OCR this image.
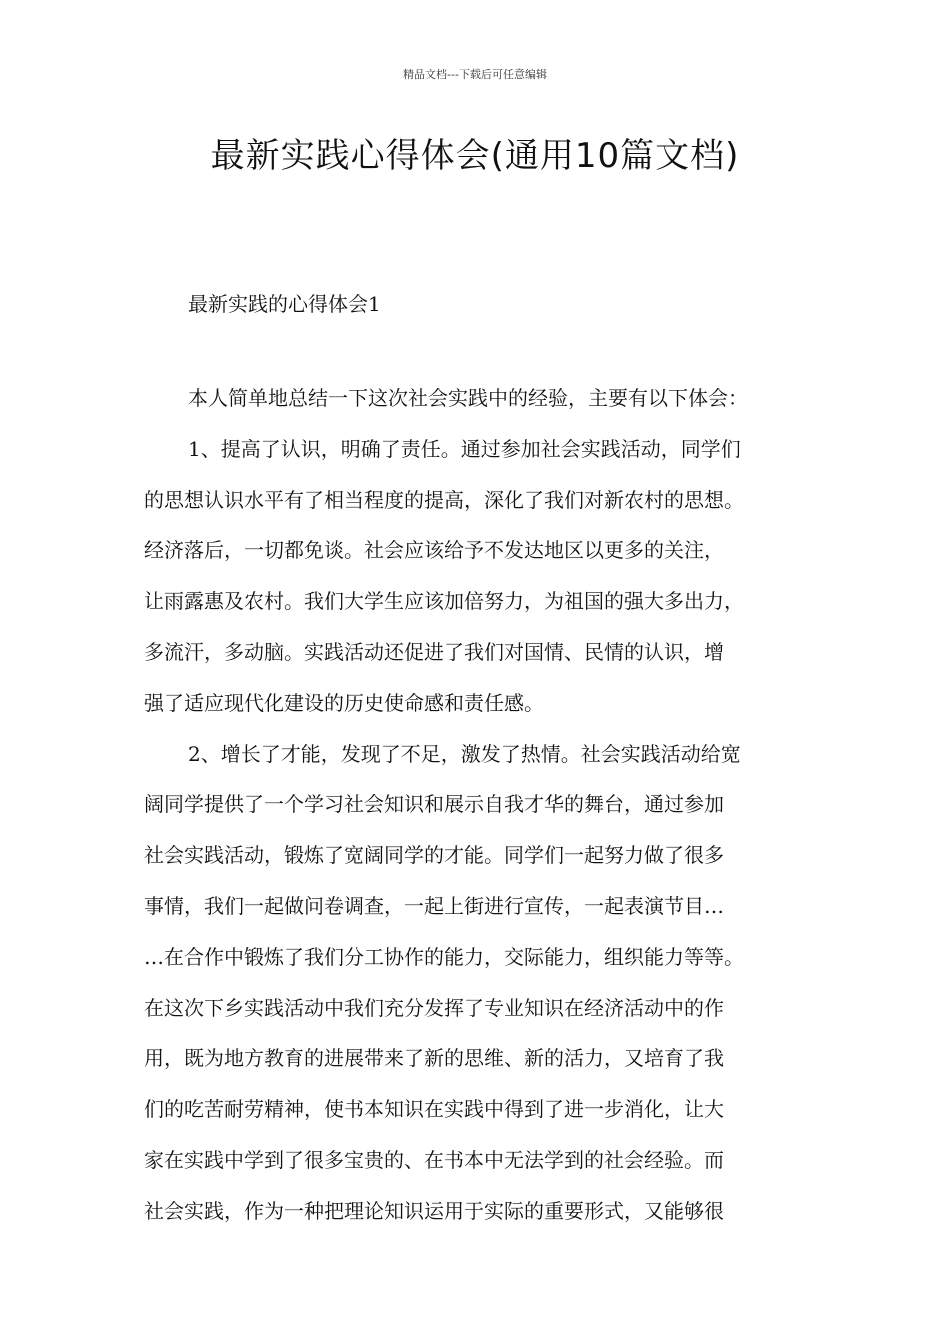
精品文档---下载后可任意编辑
最新实践心得体会(通用10篇文档)
最新实践的心得体会1
本人简单地总结一下这次社会实践中的经验，主要有以下体会：
1、提高了认识，明确了责任。通过参加社会实践活动，同学们
的思想认识水平有了相当程度的提高，深化了我们对新农村的思想。
经济落后，一切都免谈。社会应该给予不发达地区以更多的关注，
让雨露惠及农村。我们大学生应该加倍努力，为祖国的强大多出力，
多流汗，多动脑。实践活动还促进了我们对国情、民情的认识，增
强了适应现代化建设的历史使命感和责任感。
2、增长了才能，发现了不足，激发了热情。社会实践活动给宽
阔同学提供了一个学习社会知识和展示自我才华的舞台，通过参加
社会实践活动，锻炼了宽阔同学的才能。同学们一起努力做了很多
事情，我们一起做问卷调查，一起上街进行宣传，一起表演节目…
…在合作中锻炼了我们分工协作的能力，交际能力，组织能力等等。
在这次下乡实践活动中我们充分发挥了专业知识在经济活动中的作
用，既为地方教育的进展带来了新的思维、新的活力，又培育了我
们的吃苦耐劳精神，使书本知识在实践中得到了进一步消化，让大
家在实践中学到了很多宝贵的、在书本中无法学到的社会经验。而
社会实践，作为一种把理论知识运用于实际的重要形式，又能够很
